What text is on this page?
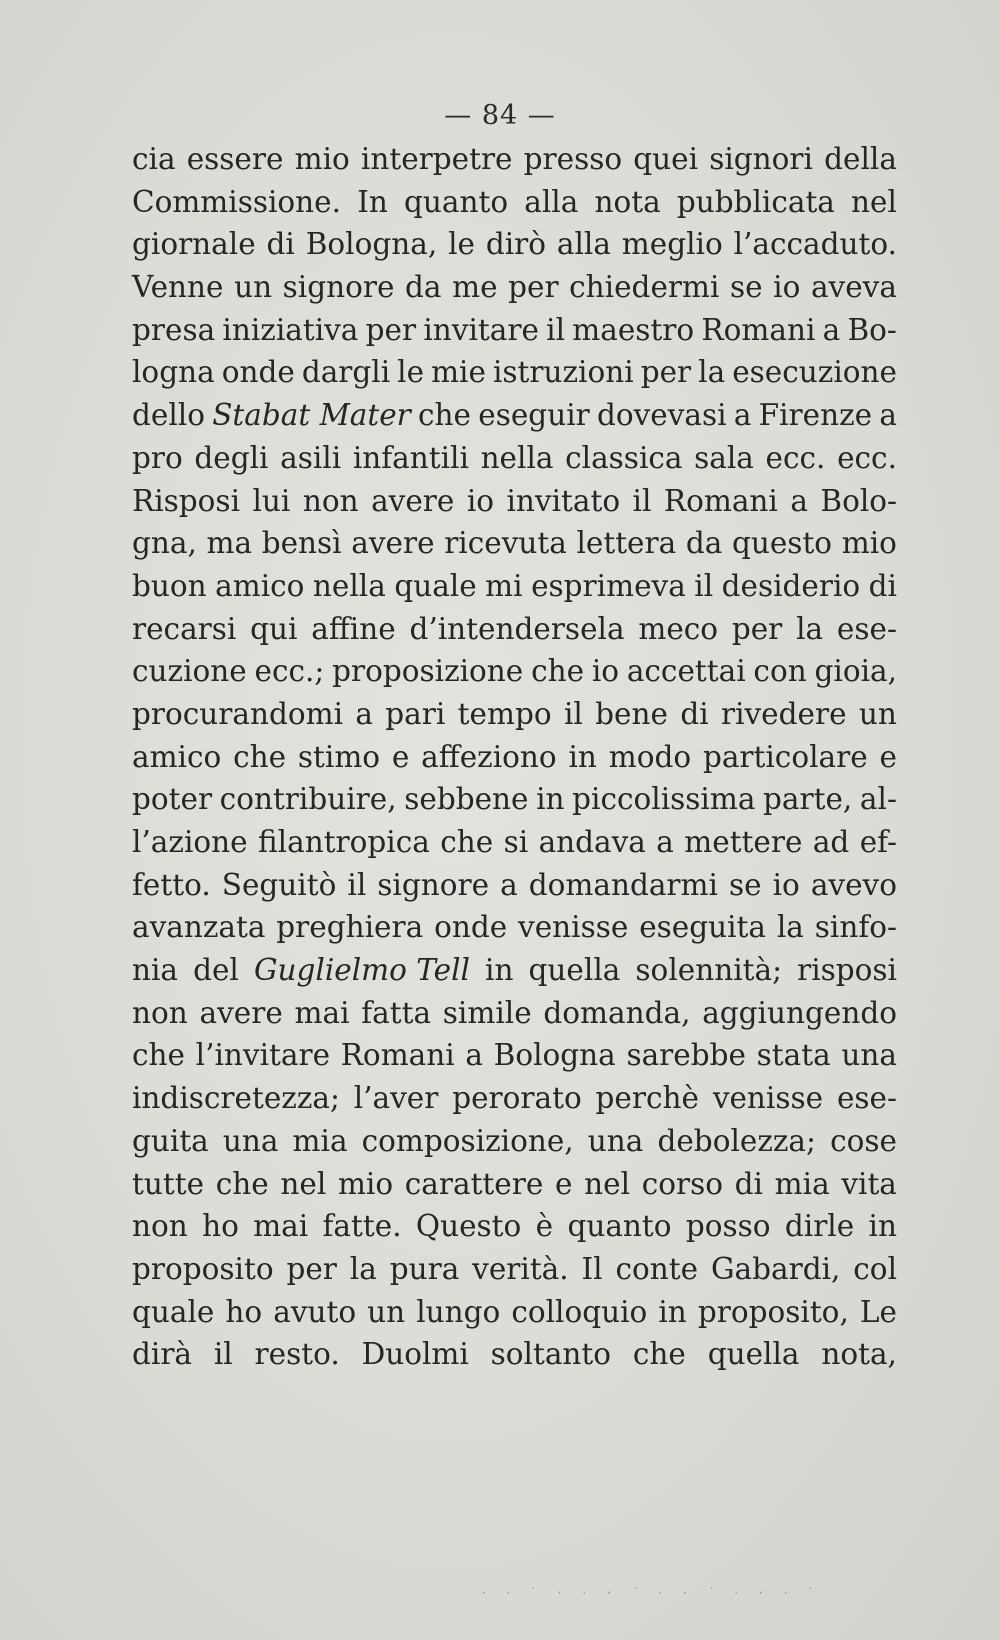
— 84 —
cia essere mio interpetre presso quei signori della
Commissione. In quanto alla nota pubblicata nel
giornale di Bologna, le dirò alla meglio l’accaduto.
Venne un signore da me per chiedermi se io aveva
presa iniziativa per invitare il maestro Romani a Bo-
logna onde dargli le mie istruzioni per la esecuzione
dello Stabat Mater che eseguir dovevasi a Firenze a
pro degli asili infantili nella classica sala ecc. ecc.
Risposi lui non avere io invitato il Romani a Bolo-
gna, ma bensì avere ricevuta lettera da questo mio
buon amico nella quale mi esprimeva il desiderio di
recarsi qui affine d’intendersela meco per la ese-
cuzione ecc.; proposizione che io accettai con gioia,
procurandomi a pari tempo il bene di rivedere un
amico che stimo e affeziono in modo particolare e
poter contribuire, sebbene in piccolissima parte, al-
l’azione filantropica che si andava a mettere ad ef-
fetto. Seguitò il signore a domandarmi se io avevo
avanzata preghiera onde venisse eseguita la sinfo-
nia del Guglielmo Tell in quella solennità; risposi
non avere mai fatta simile domanda, aggiungendo
che l’invitare Romani a Bologna sarebbe stata una
indiscretezza; l’aver perorato perchè venisse ese-
guita una mia composizione, una debolezza; cose
tutte che nel mio carattere e nel corso di mia vita
non ho mai fatte. Questo è quanto posso dirle in
proposito per la pura verità. Il conte Gabardi, col
quale ho avuto un lungo colloquio in proposito, Le
dirà il resto. Duolmi soltanto che quella nota,
· ‧ ˙ · ‧ · ˙ ‧ · ˙ ‧ · ‧ ˙
